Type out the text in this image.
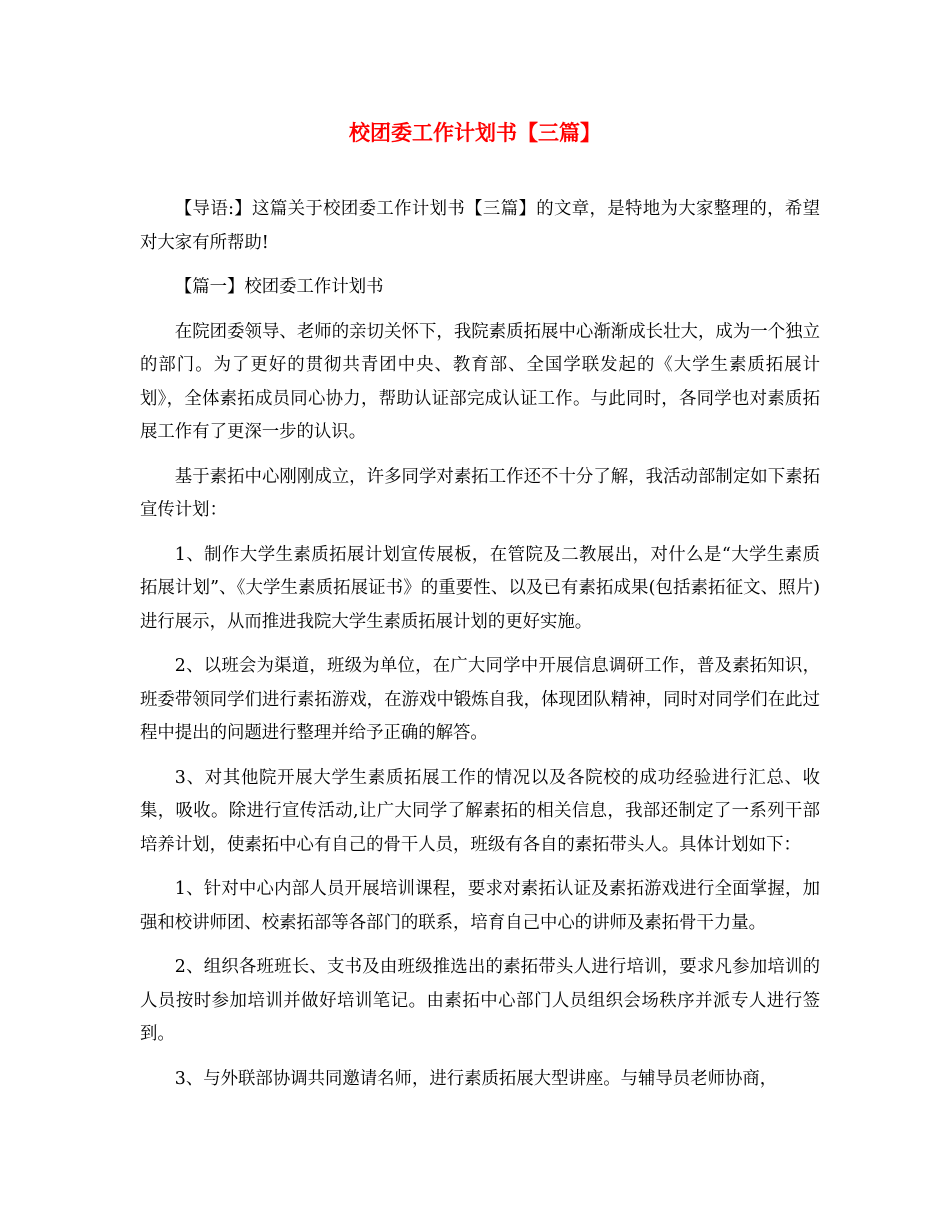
校团委工作计划书【三篇】

【导语:】这篇关于校团委工作计划书【三篇】的文章，是特地为大家整理的，希望对大家有所帮助!

【篇一】校团委工作计划书

在院团委领导、老师的亲切关怀下，我院素质拓展中心渐渐成长壮大，成为一个独立的部门。为了更好的贯彻共青团中央、教育部、全国学联发起的《大学生素质拓展计划》，全体素拓成员同心协力，帮助认证部完成认证工作。与此同时，各同学也对素质拓展工作有了更深一步的认识。

基于素拓中心刚刚成立，许多同学对素拓工作还不十分了解，我活动部制定如下素拓宣传计划：

1、制作大学生素质拓展计划宣传展板，在管院及二教展出，对什么是“大学生素质拓展计划”、《大学生素质拓展证书》的重要性、以及已有素拓成果(包括素拓征文、照片)进行展示，从而推进我院大学生素质拓展计划的更好实施。

2、以班会为渠道，班级为单位，在广大同学中开展信息调研工作，普及素拓知识，班委带领同学们进行素拓游戏，在游戏中锻炼自我，体现团队精神，同时对同学们在此过程中提出的问题进行整理并给予正确的解答。

3、对其他院开展大学生素质拓展工作的情况以及各院校的成功经验进行汇总、收集，吸收。除进行宣传活动,让广大同学了解素拓的相关信息，我部还制定了一系列干部培养计划，使素拓中心有自己的骨干人员，班级有各自的素拓带头人。具体计划如下：

1、针对中心内部人员开展培训课程，要求对素拓认证及素拓游戏进行全面掌握，加强和校讲师团、校素拓部等各部门的联系，培育自己中心的讲师及素拓骨干力量。

2、组织各班班长、支书及由班级推选出的素拓带头人进行培训，要求凡参加培训的人员按时参加培训并做好培训笔记。由素拓中心部门人员组织会场秩序并派专人进行签到。

3、与外联部协调共同邀请名师，进行素质拓展大型讲座。与辅导员老师协商，
